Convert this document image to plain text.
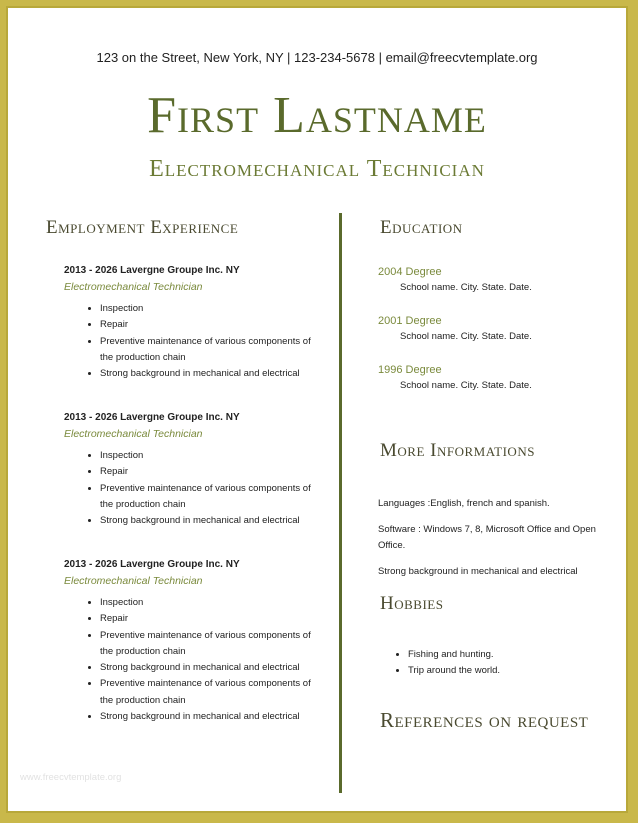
123 on the Street, New York, NY | 123-234-5678 | email@freecvtemplate.org
First Lastname
Electromechanical Technician
Employment Experience
2013 - 2026 Lavergne Groupe Inc. NY
Electromechanical Technician
• Inspection
• Repair
• Preventive maintenance of various components of the production chain
• Strong background in mechanical and electrical
2013 - 2026 Lavergne Groupe Inc. NY
Electromechanical Technician
• Inspection
• Repair
• Preventive maintenance of various components of the production chain
• Strong background in mechanical and electrical
2013 - 2026 Lavergne Groupe Inc. NY
Electromechanical Technician
• Inspection
• Repair
• Preventive maintenance of various components of the production chain
• Strong background in mechanical and electrical
• Preventive maintenance of various components of the production chain
• Strong background in mechanical and electrical
Education
2004 Degree
School name. City. State. Date.
2001 Degree
School name. City. State. Date.
1996 Degree
School name. City. State. Date.
More Informations
Languages :English, french and spanish.
Software : Windows 7, 8, Microsoft Office and Open Office.
Strong background in mechanical and electrical
Hobbies
• Fishing and hunting.
• Trip around the world.
References on request
www.freecvtemplate.org
